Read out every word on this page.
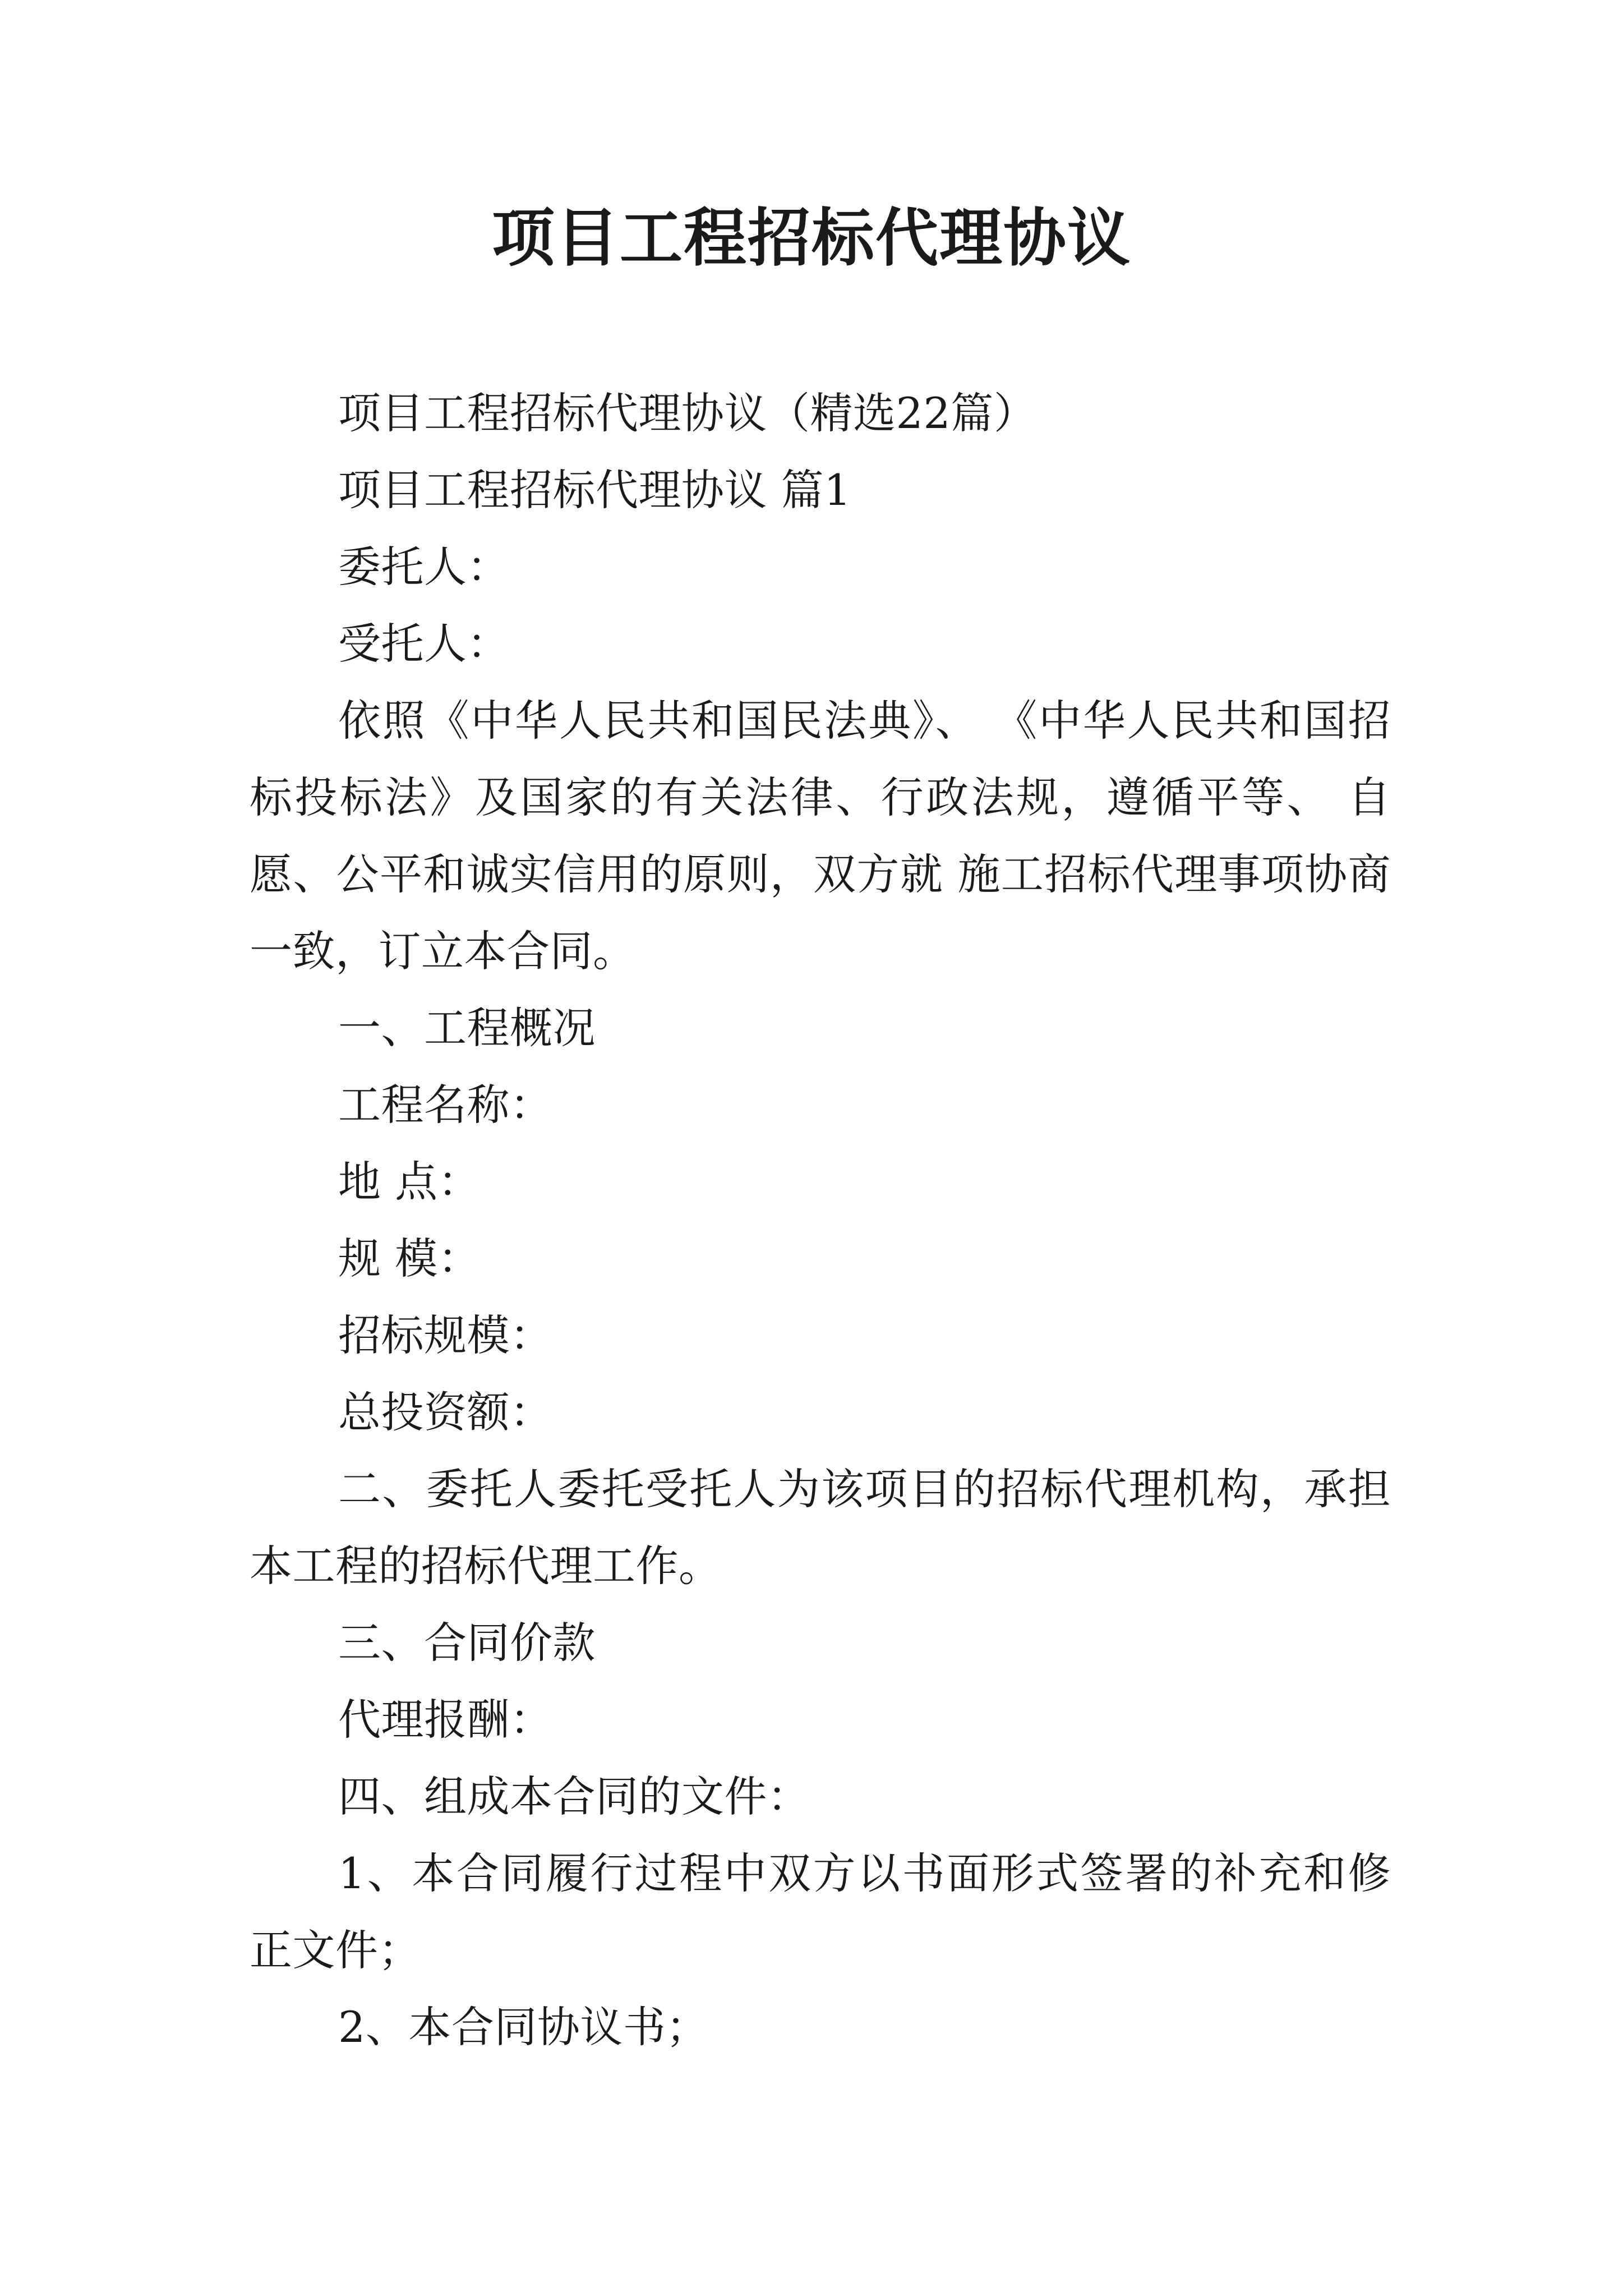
项目工程招标代理协议

项目工程招标代理协议（精选22篇）

项目工程招标代理协议 篇1

委托人：

受托人：

依照《中华人民共和国民法典》、 《中华人民共和国招标投标法》及国家的有关法律、行政法规，遵循平等、 自愿、公平和诚实信用的原则，双方就 施工招标代理事项协商一致，订立本合同。

一、工程概况

工程名称：

地 点：

规 模：

招标规模：

总投资额：

二、委托人委托受托人为该项目的招标代理机构，承担本工程的招标代理工作。

三、合同价款

代理报酬：

四、组成本合同的文件：

1、本合同履行过程中双方以书面形式签署的补充和修正文件；

2、本合同协议书；
